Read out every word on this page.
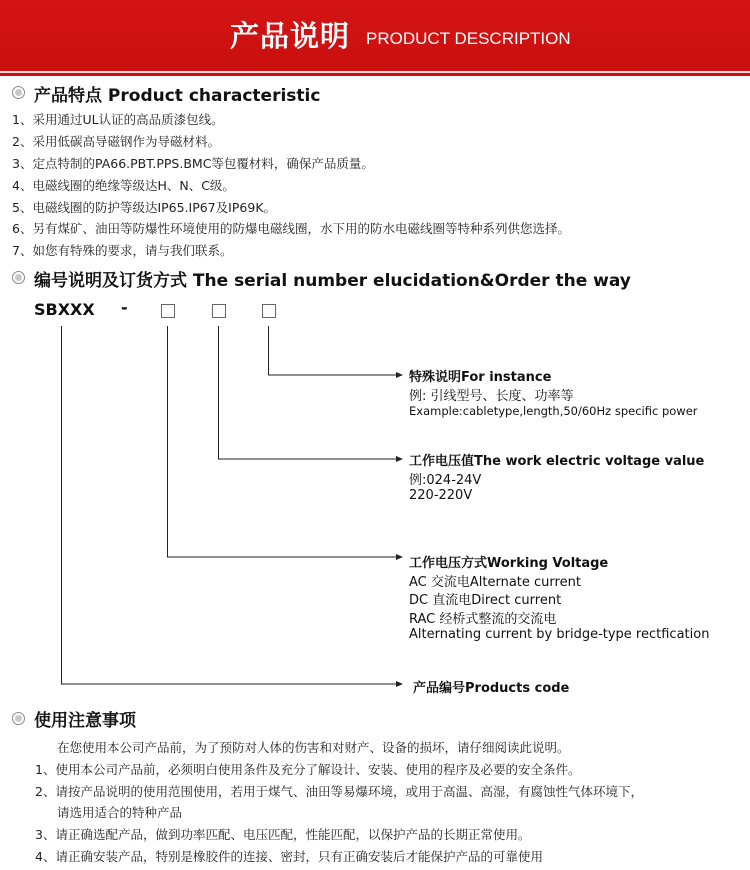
产品说明 PRODUCT DESCRIPTION
产品特点 Product characteristic
1、采用通过UL认证的高品质漆包线。
2、采用低碳高导磁钢作为导磁材料。
3、定点特制的PA66.PBT.PPS.BMC等包覆材料，确保产品质量。
4、电磁线圈的绝缘等级达H、N、C级。
5、电磁线圈的防护等级达IP65.IP67及IP69K。
6、另有煤矿、油田等防爆性环境使用的防爆电磁线圈，水下用的防水电磁线圈等特种系列供您选择。
7、如您有特殊的要求，请与我们联系。
编号说明及订货方式 The serial number elucidation&Order the way
SBXXX -
特殊说明For instance
例: 引线型号、长度、功率等
Example:cabletype,length,50/60Hz specific power
工作电压值The work electric voltage value
例:024-24V
220-220V
工作电压方式Working Voltage
AC 交流电Alternate current
DC 直流电Direct current
RAC 经桥式整流的交流电
Alternating current by bridge-type rectfication
产品编号Products code
使用注意事项
在您使用本公司产品前，为了预防对人体的伤害和对财产、设备的损坏，请仔细阅读此说明。
1、使用本公司产品前，必须明白使用条件及充分了解设计、安装、使用的程序及必要的安全条件。
2、请按产品说明的使用范围使用，若用于煤气、油田等易爆环境，或用于高温、高湿，有腐蚀性气体环境下，
请选用适合的特种产品
3、请正确选配产品，做到功率匹配、电压匹配，性能匹配，以保护产品的长期正常使用。
4、请正确安装产品，特别是橡胶件的连接、密封，只有正确安装后才能保护产品的可靠使用
